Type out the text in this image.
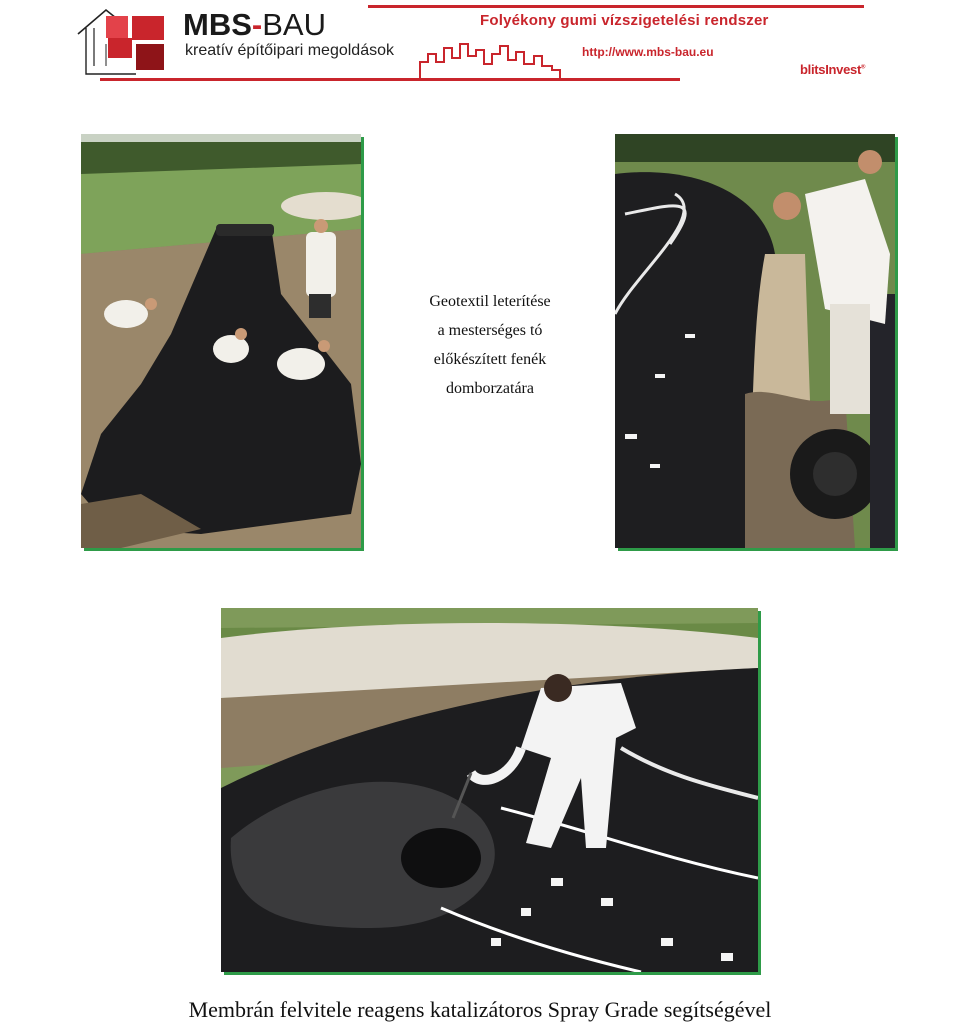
MBS-BAU
kreatív építőipari megoldások
Folyékony gumi vízszigetelési rendszer
http://www.mbs-bau.eu
blitsInvest®
Geotextil leterítése
a mesterséges tó
előkészített fenék
domborzatára
Membrán felvitele reagens katalizátoros Spray Grade segítségével
